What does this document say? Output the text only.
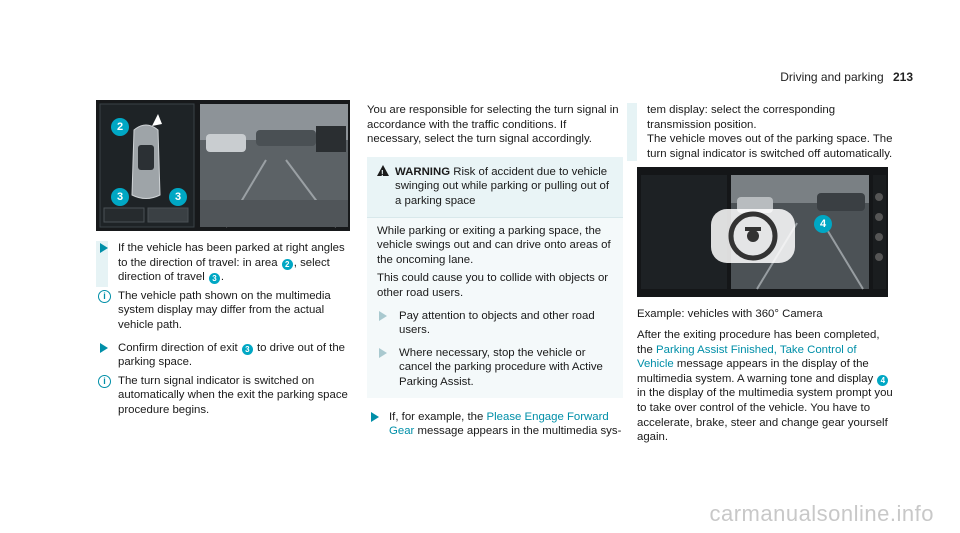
Driving and parking 213
2
3	3
If the vehicle has been parked at right angles to the direction of travel: in area 2 , select direction of travel 3 .
i	The vehicle path shown on the multimedia system display may differ from the actual vehicle path.
Confirm direction of exit 3 to drive out of the parking space.
i	The turn signal indicator is switched on automatically when the exit the parking space procedure begins.

You are responsible for selecting the turn signal in accordance with the traffic conditions. If necessary, select the turn signal accordingly.

! WARNING Risk of accident due to vehicle swinging out while parking or pulling out of a parking space

While parking or exiting a parking space, the vehicle swings out and can drive onto areas of the oncoming lane.

This could cause you to collide with objects or other road users.

Pay attention to objects and other road users.
Where necessary, stop the vehicle or cancel the parking procedure with Active Parking Assist.
If, for example, the Please Engage Forward Gear message appears in the multimedia sys-
tem display: select the corresponding transmission position.
The vehicle moves out of the parking space. The turn signal indicator is switched off automatically.
4

Example: vehicles with 360° Camera

After the exiting procedure has been completed, the Parking Assist Finished, Take Control of Vehicle message appears in the display of the multimedia system. A warning tone and display 4 in the display of the multimedia system prompt you to take over control of the vehicle. You have to accelerate, brake, steer and change gear yourself again.

carmanualsonline.info
